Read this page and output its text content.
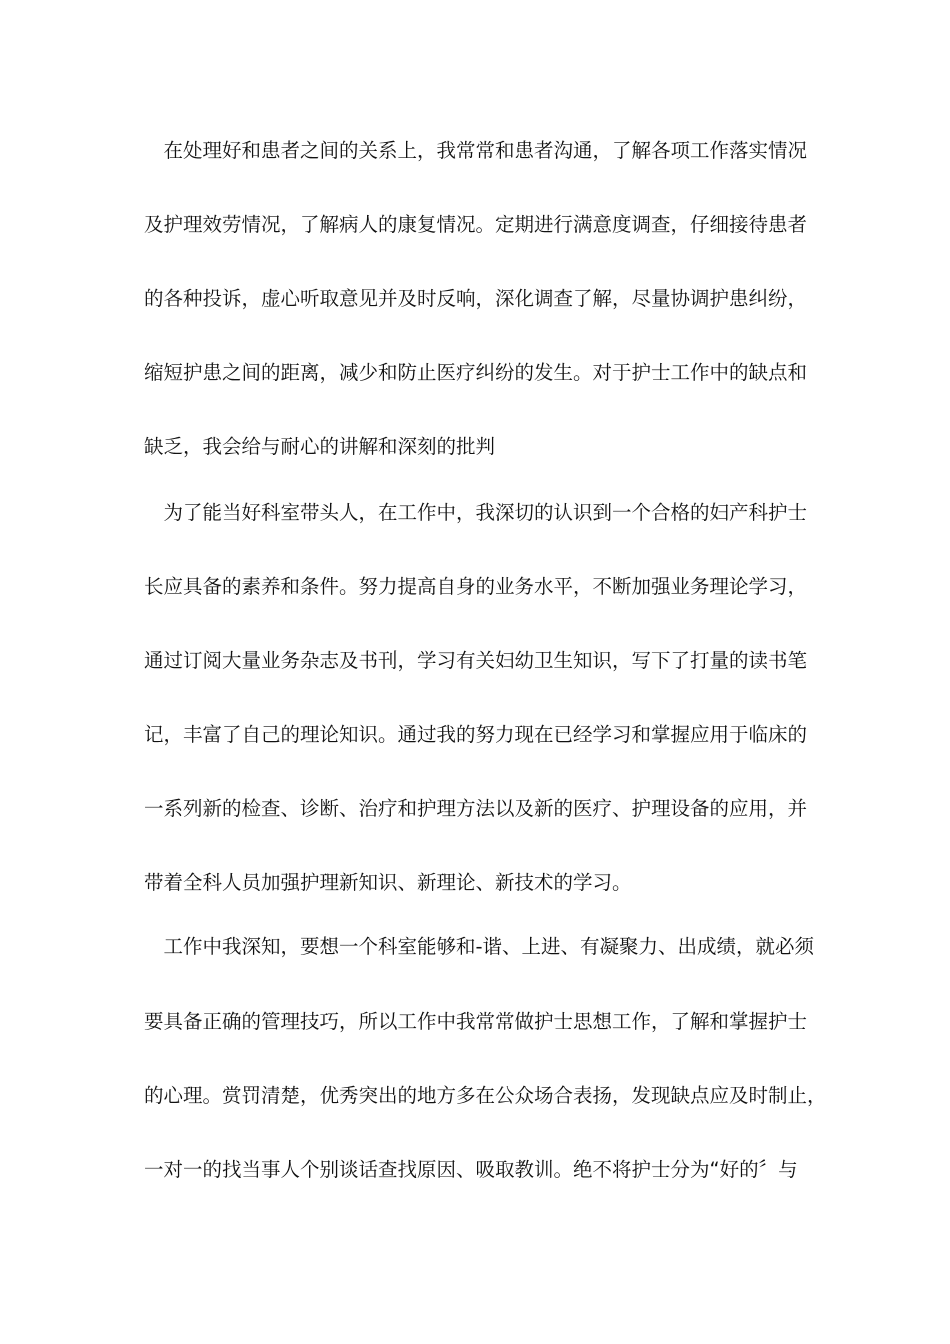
　在处理好和患者之间的关系上，我常常和患者沟通，了解各项工作落实情况
及护理效劳情况，了解病人的康复情况。定期进行满意度调查，仔细接待患者
的各种投诉，虚心听取意见并及时反响，深化调查了解，尽量协调护患纠纷，
缩短护患之间的距离，减少和防止医疗纠纷的发生。对于护士工作中的缺点和
缺乏，我会给与耐心的讲解和深刻的批判
　为了能当好科室带头人，在工作中，我深切的认识到一个合格的妇产科护士
长应具备的素养和条件。努力提高自身的业务水平，不断加强业务理论学习，
通过订阅大量业务杂志及书刊，学习有关妇幼卫生知识，写下了打量的读书笔
记，丰富了自己的理论知识。通过我的努力现在已经学习和掌握应用于临床的
一系列新的检查、诊断、治疗和护理方法以及新的医疗、护理设备的应用，并
带着全科人员加强护理新知识、新理论、新技术的学习。
　工作中我深知，要想一个科室能够和-谐、上进、有凝聚力、出成绩，就必须
要具备正确的管理技巧，所以工作中我常常做护士思想工作，了解和掌握护士
的心理。赏罚清楚，优秀突出的地方多在公众场合表扬，发现缺点应及时制止，
一对一的找当事人个别谈话查找原因、吸取教训。绝不将护士分为“好的〞与
